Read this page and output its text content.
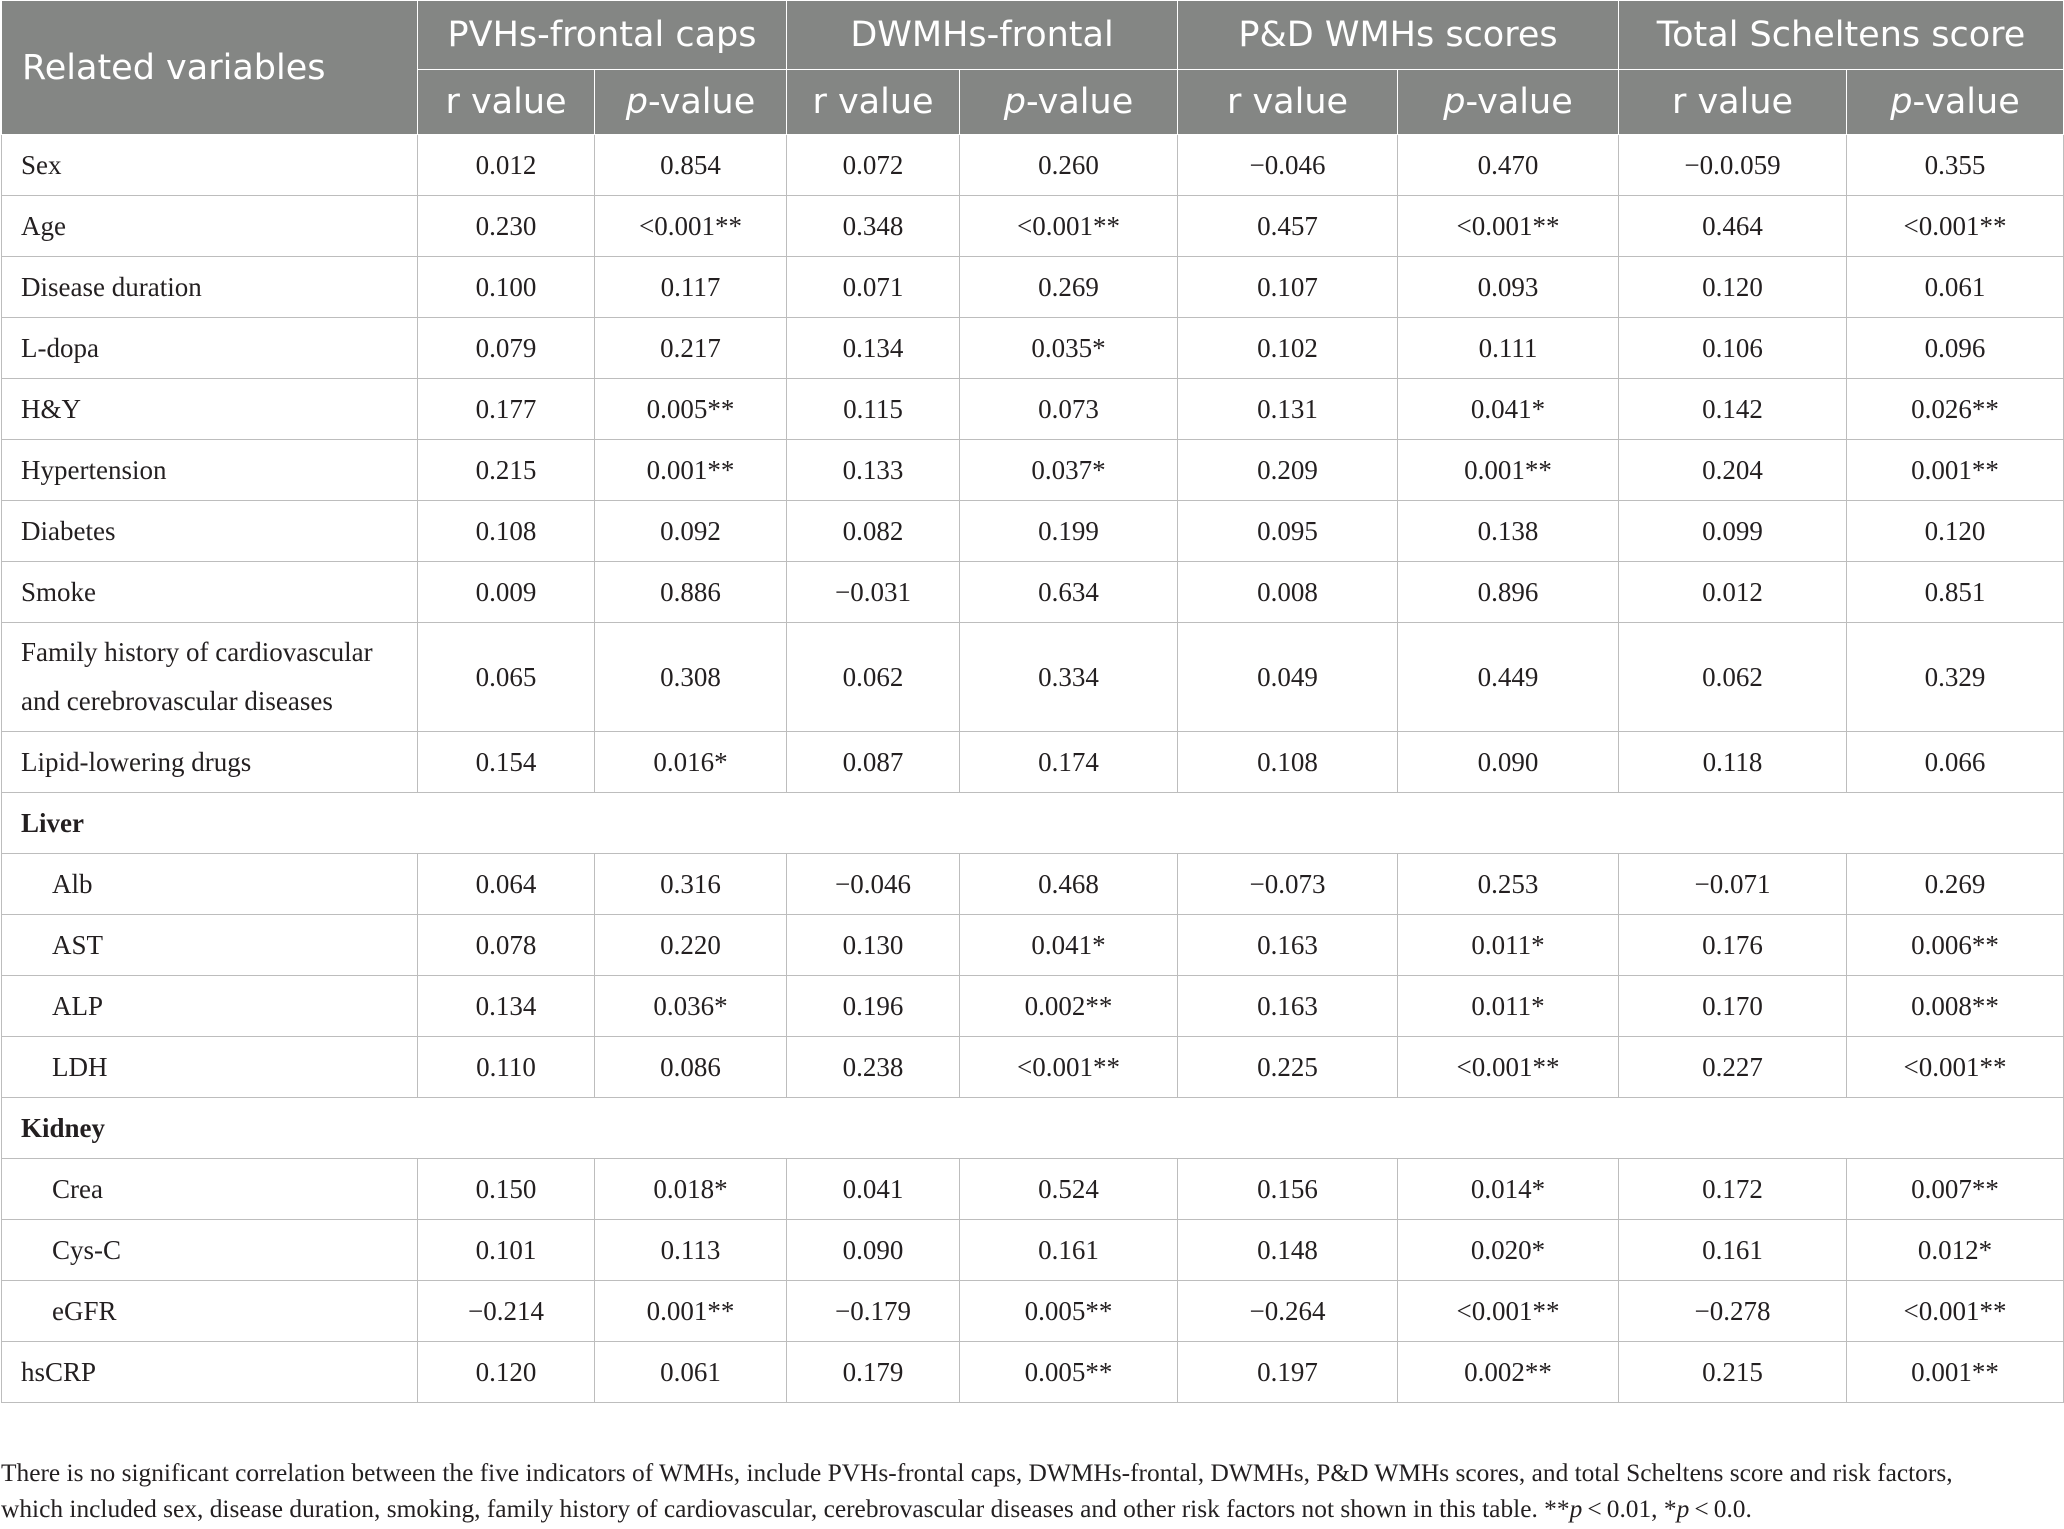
Related variables	PVHs-frontal caps		DWMHs-frontal		P&D WMHs scores		Total Scheltens score	
	r value	p-value	r value	p-value	r value	p-value	r value	p-value
Sex	0.012	0.854	0.072	0.260	−0.046	0.470	−0.0.059	0.355
Age	0.230	<0.001**	0.348	<0.001**	0.457	<0.001**	0.464	<0.001**
Disease duration	0.100	0.117	0.071	0.269	0.107	0.093	0.120	0.061
L-dopa	0.079	0.217	0.134	0.035*	0.102	0.111	0.106	0.096
H&Y	0.177	0.005**	0.115	0.073	0.131	0.041*	0.142	0.026**
Hypertension	0.215	0.001**	0.133	0.037*	0.209	0.001**	0.204	0.001**
Diabetes	0.108	0.092	0.082	0.199	0.095	0.138	0.099	0.120
Smoke	0.009	0.886	−0.031	0.634	0.008	0.896	0.012	0.851
Family history of cardiovascular
and cerebrovascular diseases	0.065	0.308	0.062	0.334	0.049	0.449	0.062	0.329
Lipid-lowering drugs	0.154	0.016*	0.087	0.174	0.108	0.090	0.118	0.066
Liver								
Alb	0.064	0.316	−0.046	0.468	−0.073	0.253	−0.071	0.269
AST	0.078	0.220	0.130	0.041*	0.163	0.011*	0.176	0.006**
ALP	0.134	0.036*	0.196	0.002**	0.163	0.011*	0.170	0.008**
LDH	0.110	0.086	0.238	<0.001**	0.225	<0.001**	0.227	<0.001**
Kidney								
Crea	0.150	0.018*	0.041	0.524	0.156	0.014*	0.172	0.007**
Cys-C	0.101	0.113	0.090	0.161	0.148	0.020*	0.161	0.012*
eGFR	−0.214	0.001**	−0.179	0.005**	−0.264	<0.001**	−0.278	<0.001**
hsCRP	0.120	0.061	0.179	0.005**	0.197	0.002**	0.215	0.001**
There is no significant correlation between the five indicators of WMHs, include PVHs-frontal caps, DWMHs-frontal, DWMHs, P&D WMHs scores, and total Scheltens score and risk factors,
which included sex, disease duration, smoking, family history of cardiovascular, cerebrovascular diseases and other risk factors not shown in this table. **p < 0.01, *p < 0.0.
